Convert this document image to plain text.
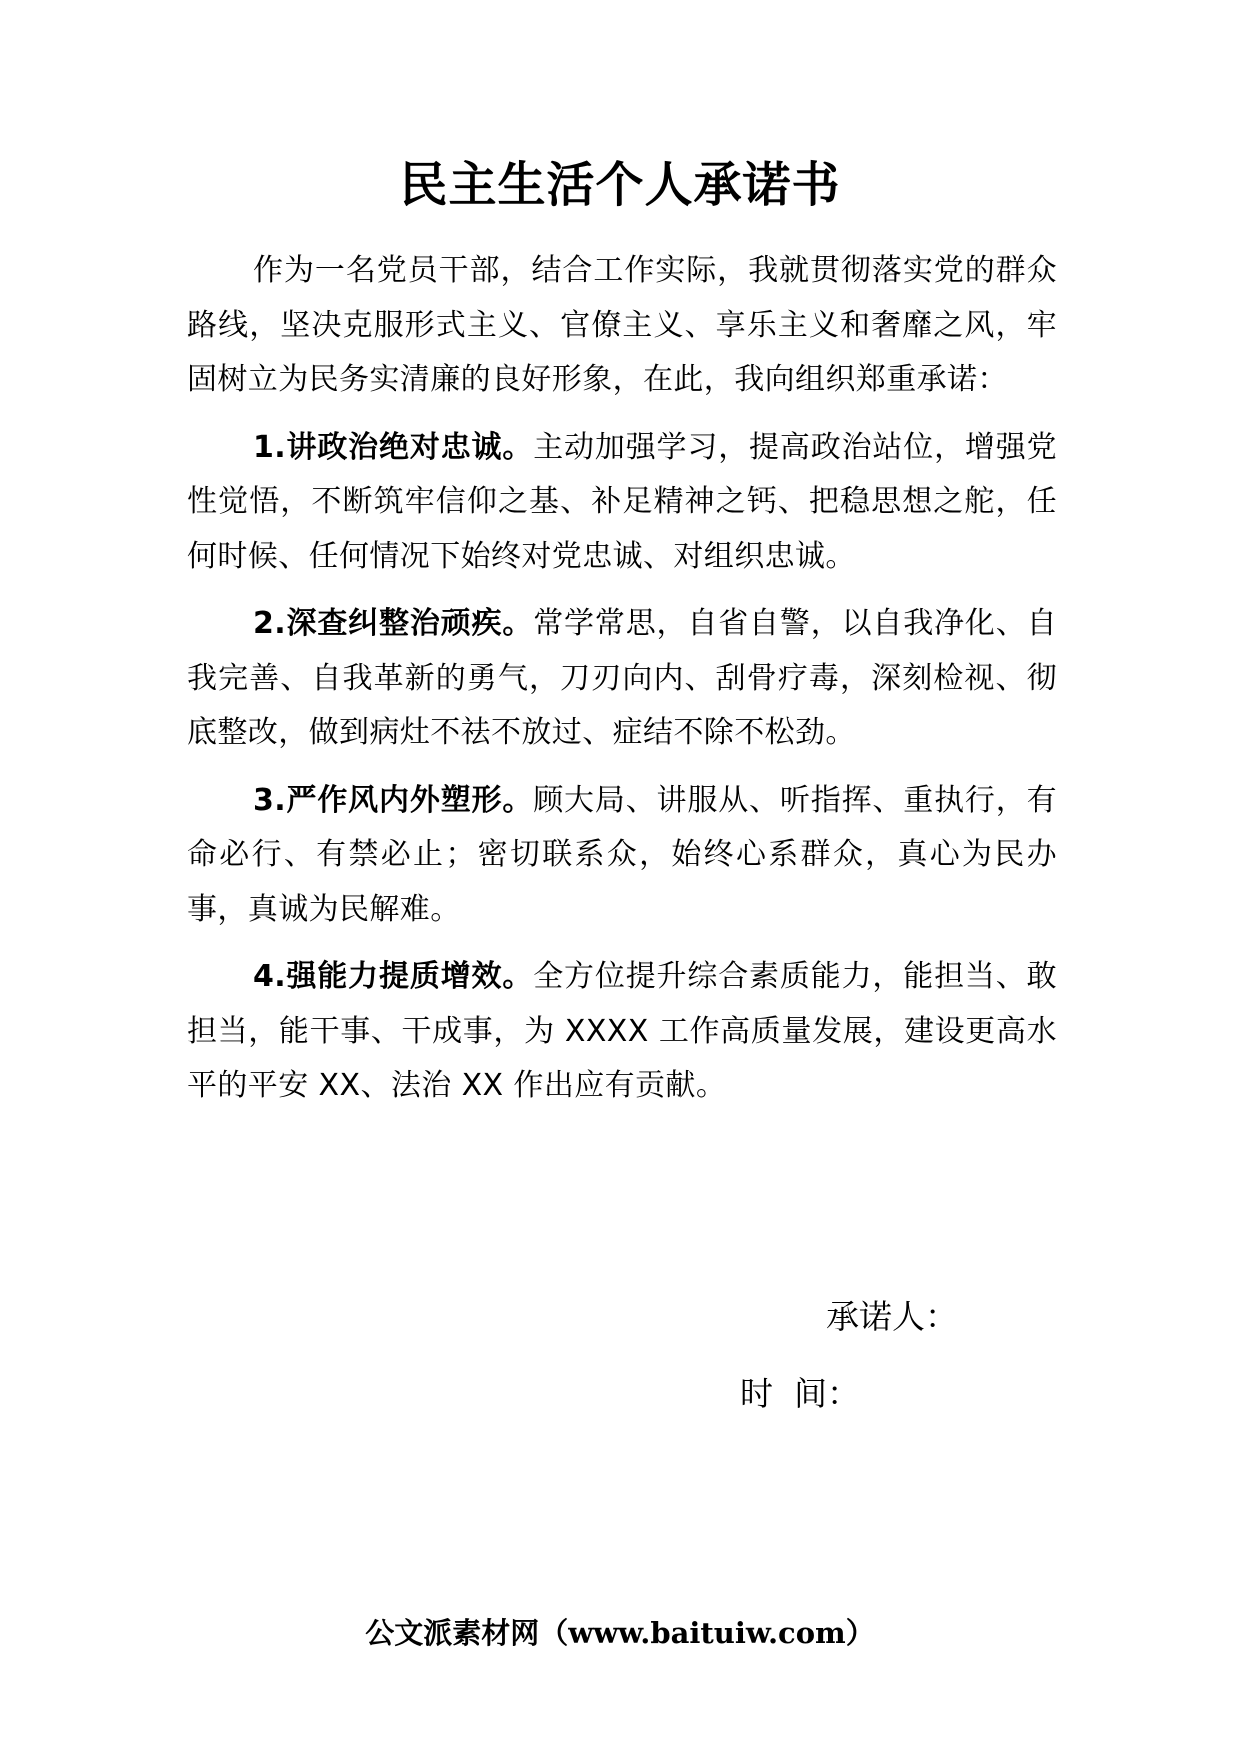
民主生活个人承诺书

作为一名党员干部，结合工作实际，我就贯彻落实党的群众路线，坚决克服形式主义、官僚主义、享乐主义和奢靡之风，牢固树立为民务实清廉的良好形象，在此，我向组织郑重承诺：

1.讲政治绝对忠诚。主动加强学习，提高政治站位，增强党性觉悟，不断筑牢信仰之基、补足精神之钙、把稳思想之舵，任何时候、任何情况下始终对党忠诚、对组织忠诚。

2.深查纠整治顽疾。常学常思，自省自警，以自我净化、自我完善、自我革新的勇气，刀刃向内、刮骨疗毒，深刻检视、彻底整改，做到病灶不祛不放过、症结不除不松劲。

3.严作风内外塑形。顾大局、讲服从、听指挥、重执行，有命必行、有禁必止；密切联系众，始终心系群众，真心为民办事，真诚为民解难。

4.强能力提质增效。全方位提升综合素质能力，能担当、敢担当，能干事、干成事，为 XXXX 工作高质量发展，建设更高水平的平安 XX、法治 XX 作出应有贡献。

承诺人：
时  间：
公文派素材网（www.baituiw.com）
